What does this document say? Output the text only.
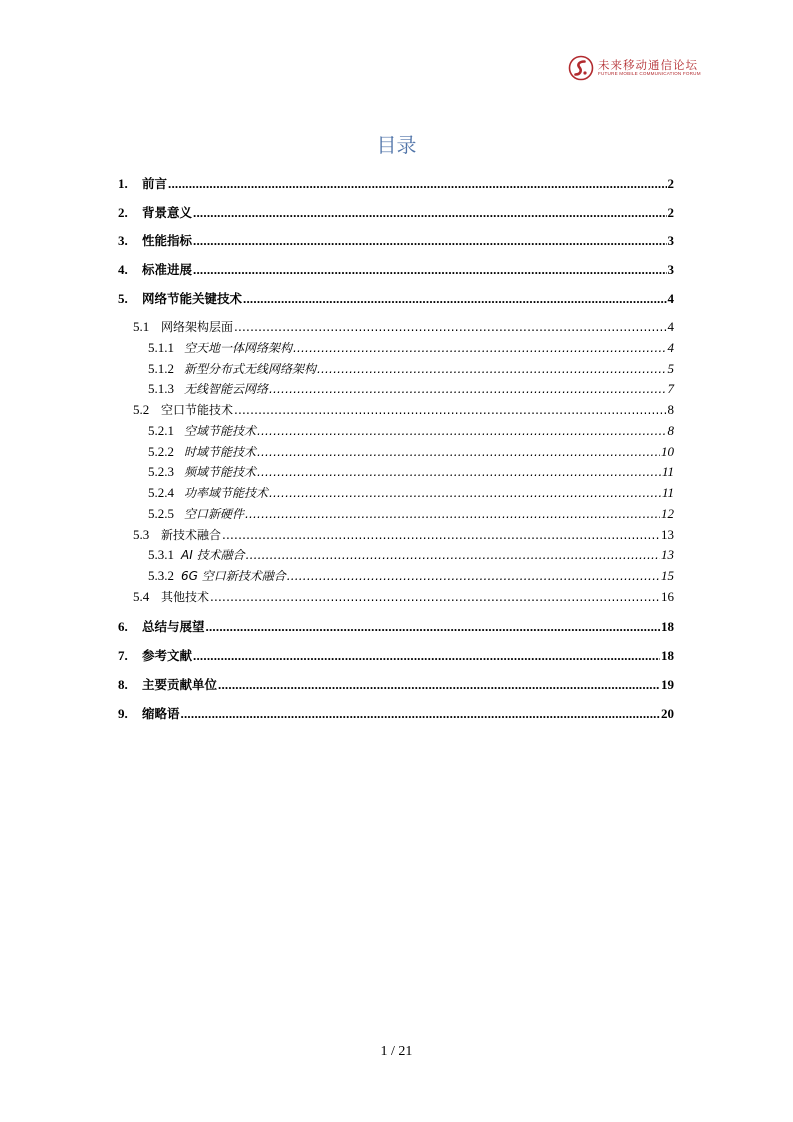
未来移动通信论坛
FUTURE MOBILE COMMUNICATION FORUM
目录
1.	前言 .....	2
2.	背景意义 .....	2
3.	性能指标 .....	3
4.	标准进展 .....	3
5.	网络节能关键技术 .....	4
5.1 网络架构层面 .....	4
5.1.1 空天地一体网络架构 .....	4
5.1.2 新型分布式无线网络架构 .....	5
5.1.3 无线智能云网络 .....	7
5.2 空口节能技术 .....	8
5.2.1 空域节能技术 .....	8
5.2.2 时域节能技术 .....	10
5.2.3 频域节能技术 .....	11
5.2.4 功率域节能技术 .....	11
5.2.5 空口新硬件 .....	12
5.3 新技术融合 .....	13
5.3.1 AI 技术融合 .....	13
5.3.2 6G 空口新技术融合 .....	15
5.4 其他技术 .....	16
6.	总结与展望 .....	18
7.	参考文献 .....	18
8.	主要贡献单位 .....	19
9.	缩略语 .....	20
1 / 21
